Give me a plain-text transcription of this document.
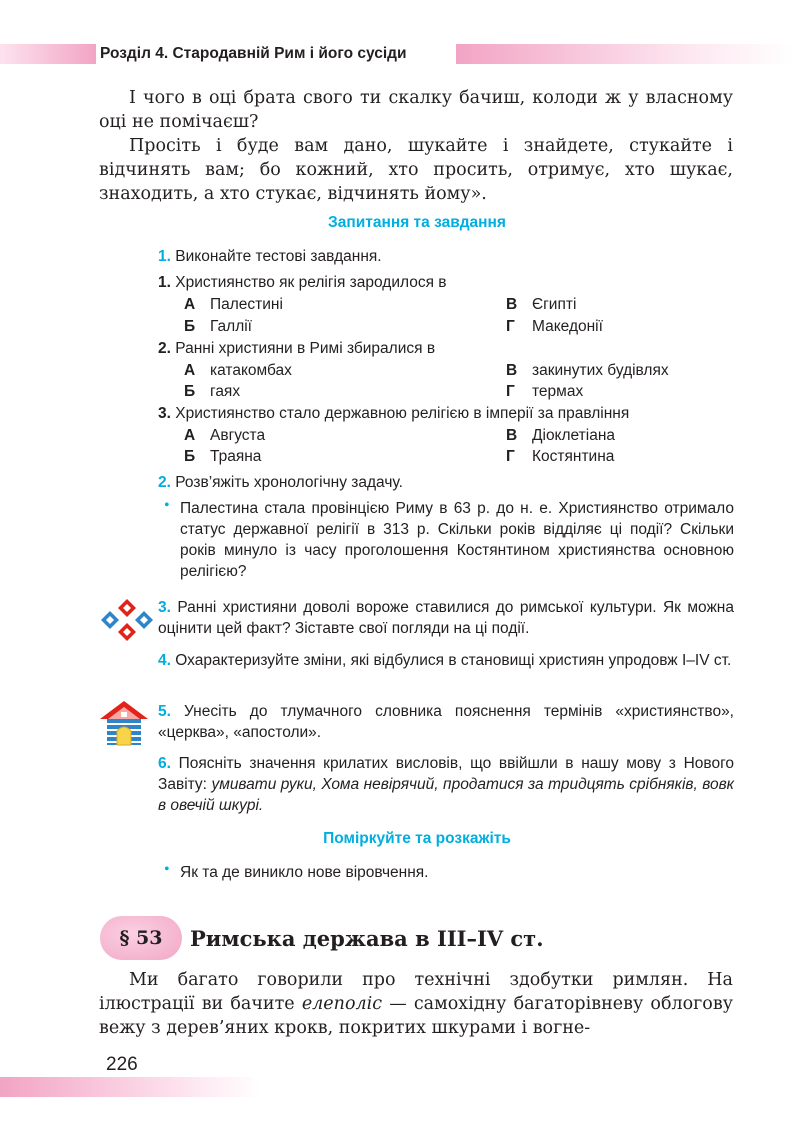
Розділ 4. Стародавній Рим і його сусіди

І чого в оці брата свого ти скалку бачиш, колоди ж у власному оці не помічаєш?

Просіть і буде вам дано, шукайте і знайдете, стукайте і відчинять вам; бо кожний, хто просить, отримує, хто шукає, знаходить, а хто стукає, відчинять йому».

Запитання та завдання
1. Виконайте тестові завдання.
1. Християнство як релігія зародилося в
А Палестині
Б Галлії
В Єгипті
Г Македонії
2. Ранні християни в Римі збиралися в
А катакомбах
Б гаях
В закинутих будівлях
Г термах
3. Християнство стало державною релігією в імперії за правління
А Августа
Б Траяна
В Діоклетіана
Г Костянтина
2. Розв’яжіть хронологічну задачу.
• Палестина стала провінцією Риму в 63 р. до н. е. Християнство отримало статус державної релігії в 313 р. Скільки років відділяє ці події? Скільки років минуло із часу проголошення Костянтином християнства основною релігією?
3. Ранні християни доволі вороже ставилися до римської культури. Як можна оцінити цей факт? Зіставте свої погляди на ці події.
4. Охарактеризуйте зміни, які відбулися в становищі християн упродовж I–IV ст.
5. Унесіть до тлумачного словника пояснення термінів «християнство», «церква», «апостоли».
6. Поясніть значення крилатих висловів, що ввійшли в нашу мову з Нового Завіту: умивати руки, Хома невірячий, продатися за тридцять срібняків, вовк в овечій шкурі.
Поміркуйте та розкажіть
• Як та де виникло нове віровчення.
§ 53	Римська держава в III–IV ст.

Ми багато говорили про технічні здобутки римлян. На ілюстрації ви бачите елеполіс — самохідну багаторівневу облогову вежу з дерев’яних крокв, покритих шкурами і вогне-

226
